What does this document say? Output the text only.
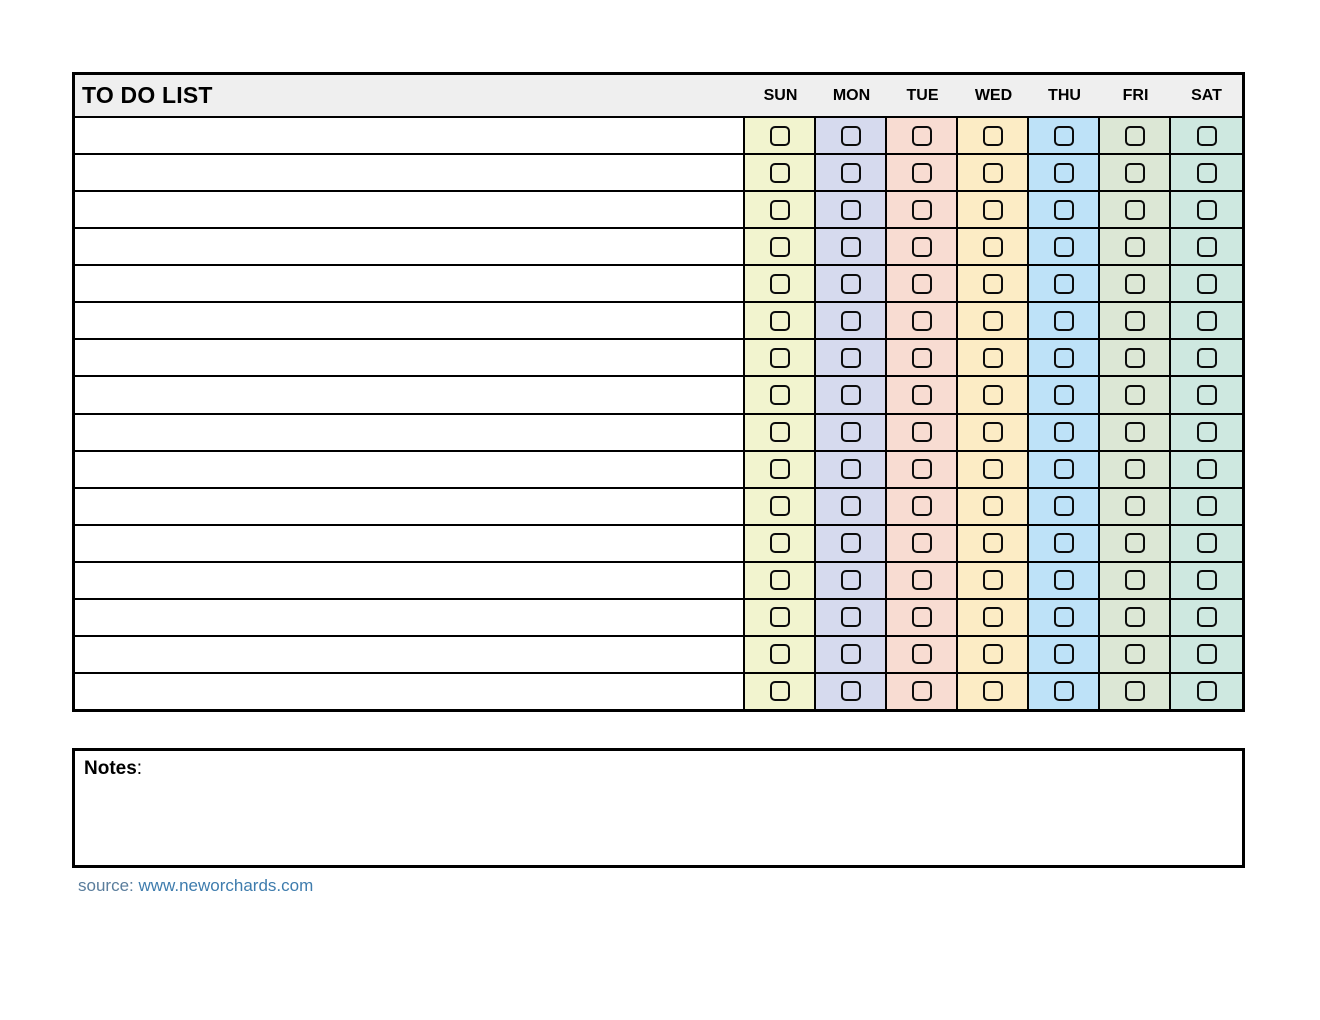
TO DO LIST	SUN	MON	TUE	WED	THU	FRI	SAT
Notes:
source: www.neworchards.com
